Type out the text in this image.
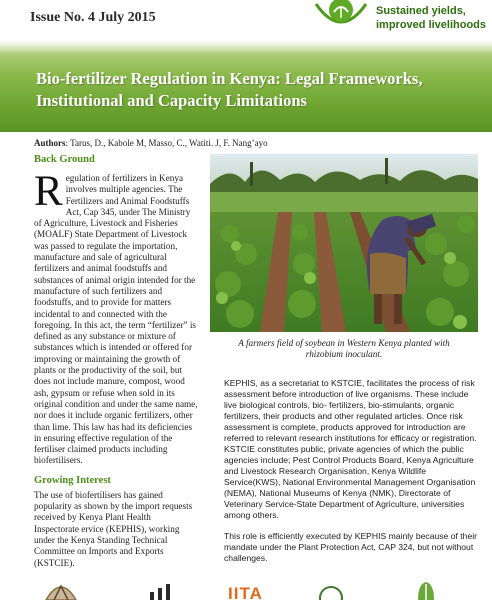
Issue No. 4 July 2015	Sustained yields,
improved livelihoods
Bio-fertilizer Regulation in Kenya: Legal Frameworks,
Institutional and Capacity Limitations
Authors: Tarus, D., Kabole M, Masso, C., Watiti. J, F. Nang’ayo
Back Ground
Regulation of fertilizers in Kenya involves multiple agencies. The Fertilizers and Animal Foodstuffs Act, Cap 345, under The Ministry of Agriculture, Livestock and Fisheries (MOALF) State Department of Livestock was passed to regulate the importation, manufacture and sale of agricultural fertilizers and animal foodstuffs and substances of animal origin intended for the manufacture of such fertilizers and foodstuffs, and to provide for matters incidental to and connected with the foregoing. In this act, the term “fertilizer” is defined as any substance or mixture of substances which is intended or offered for improving or maintaining the growth of plants or the productivity of the soil, but does not include manure, compost, wood ash, gypsum or refuse when sold in its original condition and under the same name, nor does it include organic fertilizers, other than lime. This law has had its deficiencies in ensuring effective regulation of the fertiliser claimed products including biofertilisers.
Growing Interest
The use of biofertilisers has gained popularity as shown by the import requests received by Kenya Plant Health Inspectorate ervice (KEPHIS), working under the Kenya Standing Technical Committee on Imports and Exports (KSTCIE).
A farmers field of soybean in Western Kenya planted with
rhizobium inoculant.
KEPHIS, as a secretariat to KSTCIE, facilitates the process of risk assessment before introduction of live organisms. These include live biological controls, bio- fertilizers, bio-stimulants, organic fertilizers, their products and other regulated articles. Once risk assessment is complete, products approved for introduction are referred to relevant research institutions for efficacy or registration. KSTCIE constitutes public, private agencies of which the public agencies include; Pest Control Products Board, Kenya Agriculture and Livestock Research Organisation, Kenya Wildlife Service(KWS), National Environmental Management Organisation (NEMA), National Museums of Kenya (NMK), Directorate of Veterinary Service-State Department of Agriculture, universities among others.
This role is efficiently executed by KEPHIS mainly because of their mandate under the Plant Protection Act, CAP 324, but not without challenges.
IITA
